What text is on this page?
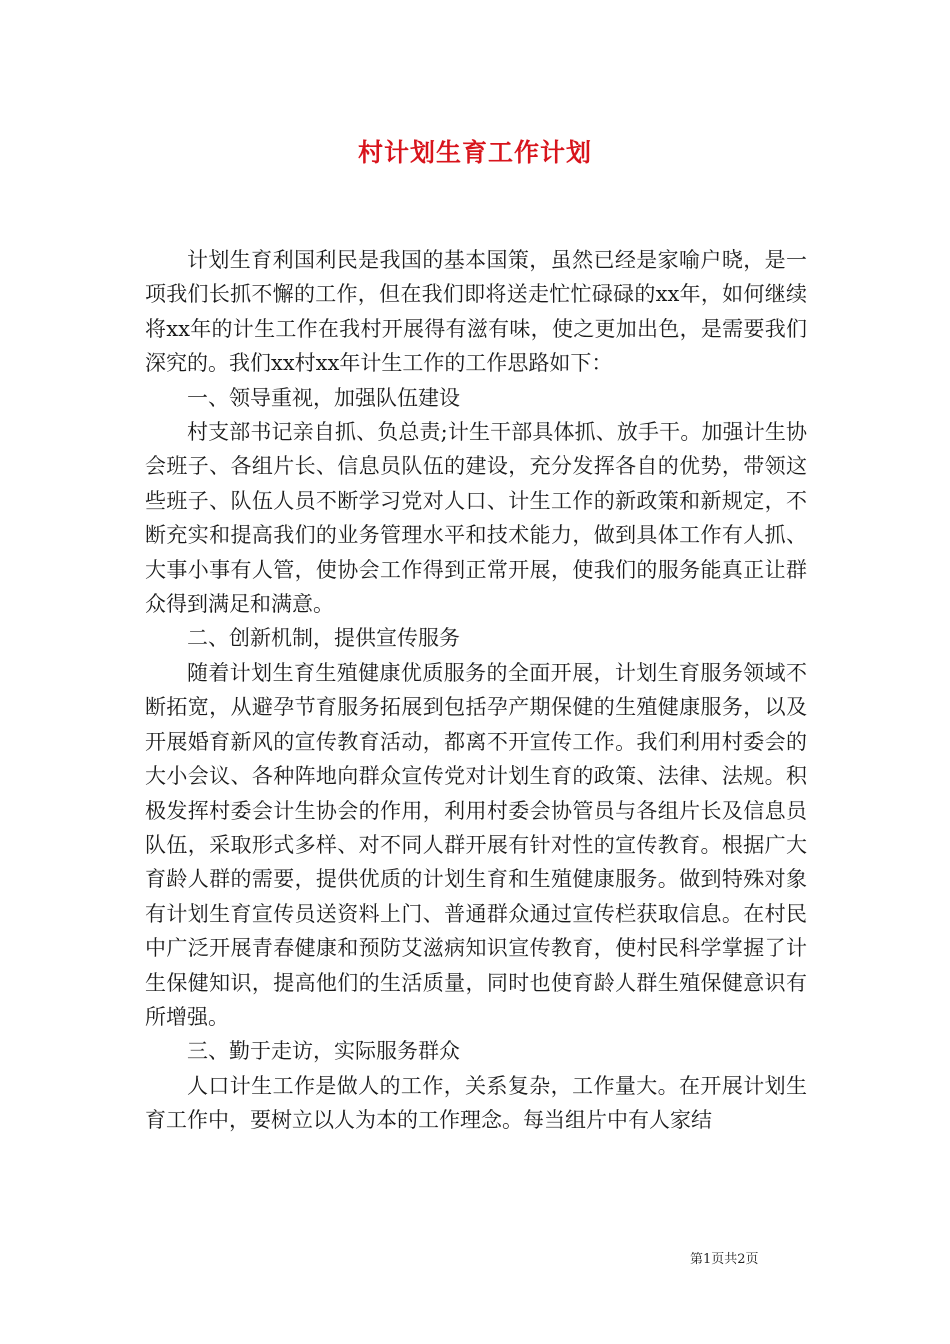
村计划生育工作计划

计划生育利国利民是我国的基本国策，虽然已经是家喻户晓，是一项我们长抓不懈的工作，但在我们即将送走忙忙碌碌的xx年，如何继续将xx年的计生工作在我村开展得有滋有味，使之更加出色，是需要我们深究的。我们xx村xx年计生工作的工作思路如下：

一、领导重视，加强队伍建设

村支部书记亲自抓、负总责;计生干部具体抓、放手干。加强计生协会班子、各组片长、信息员队伍的建设，充分发挥各自的优势，带领这些班子、队伍人员不断学习党对人口、计生工作的新政策和新规定，不断充实和提高我们的业务管理水平和技术能力，做到具体工作有人抓、大事小事有人管，使协会工作得到正常开展，使我们的服务能真正让群众得到满足和满意。

二、创新机制，提供宣传服务

随着计划生育生殖健康优质服务的全面开展，计划生育服务领域不断拓宽，从避孕节育服务拓展到包括孕产期保健的生殖健康服务，以及开展婚育新风的宣传教育活动，都离不开宣传工作。我们利用村委会的大小会议、各种阵地向群众宣传党对计划生育的政策、法律、法规。积极发挥村委会计生协会的作用，利用村委会协管员与各组片长及信息员队伍，采取形式多样、对不同人群开展有针对性的宣传教育。根据广大育龄人群的需要，提供优质的计划生育和生殖健康服务。做到特殊对象有计划生育宣传员送资料上门、普通群众通过宣传栏获取信息。在村民中广泛开展青春健康和预防艾滋病知识宣传教育，使村民科学掌握了计生保健知识，提高他们的生活质量，同时也使育龄人群生殖保健意识有所增强。

三、勤于走访，实际服务群众

人口计生工作是做人的工作，关系复杂，工作量大。在开展计划生育工作中，要树立以人为本的工作理念。每当组片中有人家结

第1页共2页
